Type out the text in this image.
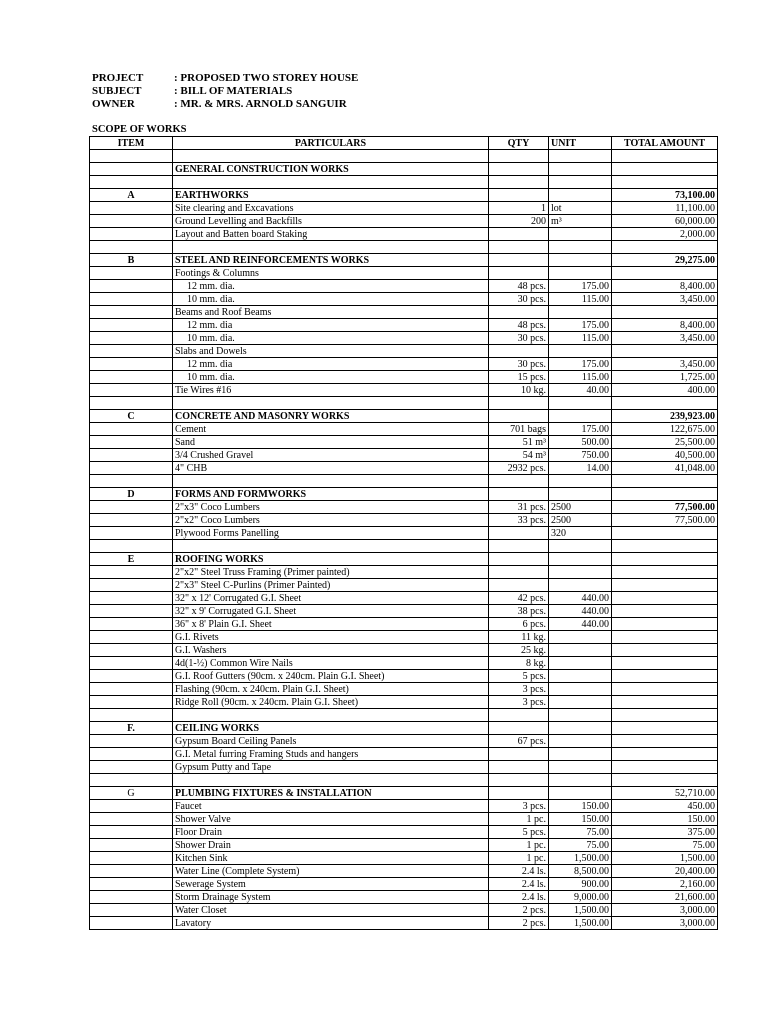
PROJECT	: PROPOSED TWO STOREY HOUSE
SUBJECT	: BILL OF MATERIALS
OWNER	: MR. & MRS. ARNOLD SANGUIR
SCOPE OF WORKS
ITEM	PARTICULARS	QTY	UNIT	TOTAL AMOUNT

	GENERAL CONSTRUCTION WORKS			

A	EARTHWORKS			73,100.00
	Site clearing and Excavations	1	lot	11,100.00
	Ground Levelling and Backfills	200	m³	60,000.00
	Layout and Batten board Staking			2,000.00

B	STEEL AND REINFORCEMENTS WORKS			29,275.00
	Footings & Columns			
	12 mm. dia.	48 pcs.	175.00	8,400.00
	10 mm. dia.	30 pcs.	115.00	3,450.00
	Beams and Roof Beams			
	12 mm. dia	48 pcs.	175.00	8,400.00
	10 mm. dia.	30 pcs.	115.00	3,450.00
	Slabs and Dowels			
	12 mm. dia	30 pcs.	175.00	3,450.00
	10 mm. dia.	15 pcs.	115.00	1,725.00
	Tie Wires #16	10 kg.	40.00	400.00

C	CONCRETE AND MASONRY WORKS			239,923.00
	Cement	701 bags	175.00	122,675.00
	Sand	51 m³	500.00	25,500.00
	3/4 Crushed Gravel	54 m³	750.00	40,500.00
	4" CHB	2932 pcs.	14.00	41,048.00

D	FORMS AND FORMWORKS			
	2"x3" Coco Lumbers	31 pcs.	2500	77,500.00
	2"x2" Coco Lumbers	33 pcs.	2500	77,500.00
	Plywood Forms Panelling		320	

E	ROOFING WORKS			
	2"x2" Steel Truss Framing (Primer painted)			
	2"x3" Steel C-Purlins (Primer Painted)			
	32" x 12' Corrugated G.I. Sheet	42 pcs.	440.00	
	32" x 9' Corrugated G.I. Sheet	38 pcs.	440.00	
	36" x 8' Plain G.I. Sheet	6 pcs.	440.00	
	G.I. Rivets	11 kg.		
	G.I. Washers	25 kg.		
	4d(1-½) Common Wire Nails	8 kg.		
	G.I. Roof Gutters (90cm. x 240cm. Plain G.I. Sheet)	5 pcs.		
	Flashing (90cm. x 240cm. Plain G.I. Sheet)	3 pcs.		
	Ridge Roll (90cm. x 240cm. Plain G.I. Sheet)	3 pcs.		

F.	CEILING WORKS			
	Gypsum Board Ceiling Panels	67 pcs.		
	G.I. Metal furring Framing Studs and hangers			
	Gypsum Putty and Tape			

G	PLUMBING FIXTURES & INSTALLATION			52,710.00
	Faucet	3 pcs.	150.00	450.00
	Shower Valve	1 pc.	150.00	150.00
	Floor Drain	5 pcs.	75.00	375.00
	Shower Drain	1 pc.	75.00	75.00
	Kitchen Sink	1 pc.	1,500.00	1,500.00
	Water Line (Complete System)	2.4 ls.	8,500.00	20,400.00
	Sewerage System	2.4 ls.	900.00	2,160.00
	Storm Drainage System	2.4 ls.	9,000.00	21,600.00
	Water Closet	2 pcs.	1,500.00	3,000.00
	Lavatory	2 pcs.	1,500.00	3,000.00
